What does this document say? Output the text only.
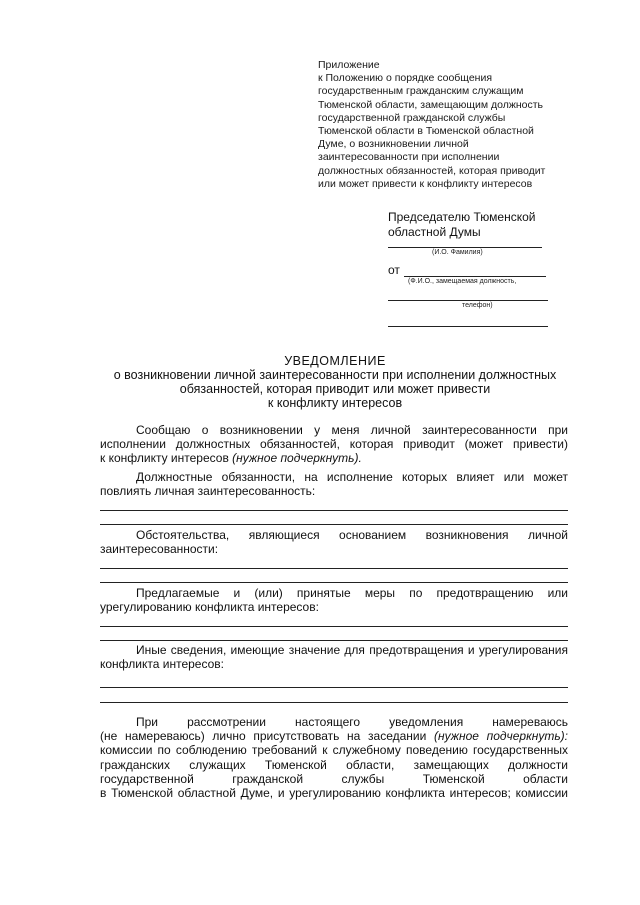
Приложение
к Положению о порядке сообщения
государственным гражданским служащим
Тюменской области, замещающим должность
государственной гражданской службы
Тюменской области в Тюменской областной
Думе, о возникновении личной
заинтересованности при исполнении
должностных обязанностей, которая приводит
или может привести к конфликту интересов
Председателю Тюменской
областной Думы
(И.О. Фамилия)
от
(Ф.И.О., замещаемая должность,
телефон)
УВЕДОМЛЕНИЕ
о возникновении личной заинтересованности при исполнении должностных
обязанностей, которая приводит или может привести
к конфликту интересов
Сообщаю о возникновении у меня личной заинтересованности при
исполнении должностных обязанностей, которая приводит (может привести)
к конфликту интересов (нужное подчеркнуть).
Должностные обязанности, на исполнение которых влияет или может
повлиять личная заинтересованность:
Обстоятельства, являющиеся основанием возникновения личной
заинтересованности:
Предлагаемые и (или) принятые меры по предотвращению или
урегулированию конфликта интересов:
Иные сведения, имеющие значение для предотвращения и урегулирования
конфликта интересов:
При рассмотрении настоящего уведомления намереваюсь
(не намереваюсь) лично присутствовать на заседании (нужное подчеркнуть):
комиссии по соблюдению требований к служебному поведению государственных
гражданских служащих Тюменской области, замещающих должности
государственной гражданской службы Тюменской области
в Тюменской областной Думе, и урегулированию конфликта интересов; комиссии
